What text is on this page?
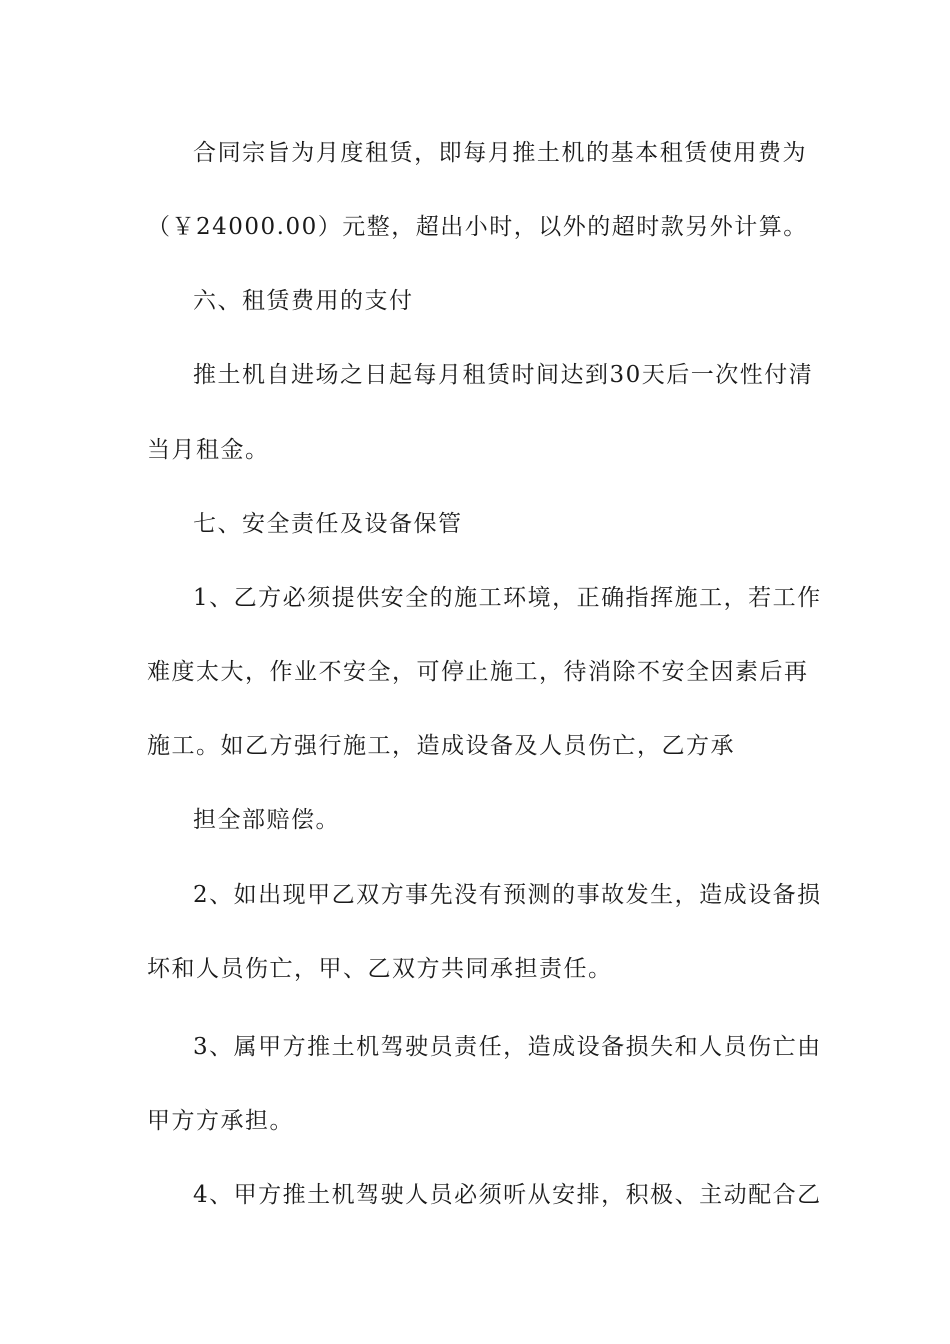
合同宗旨为月度租赁，即每月推土机的基本租赁使用费为
（￥24000.00）元整，超出小时，以外的超时款另外计算。
六、租赁费用的支付
推土机自进场之日起每月租赁时间达到30天后一次性付清
当月租金。
七、安全责任及设备保管
1、乙方必须提供安全的施工环境，正确指挥施工，若工作
难度太大，作业不安全，可停止施工，待消除不安全因素后再
施工。如乙方强行施工，造成设备及人员伤亡，乙方承
担全部赔偿。
2、如出现甲乙双方事先没有预测的事故发生，造成设备损
坏和人员伤亡，甲、乙双方共同承担责任。
3、属甲方推土机驾驶员责任，造成设备损失和人员伤亡由
甲方方承担。
4、甲方推土机驾驶人员必须听从安排，积极、主动配合乙
